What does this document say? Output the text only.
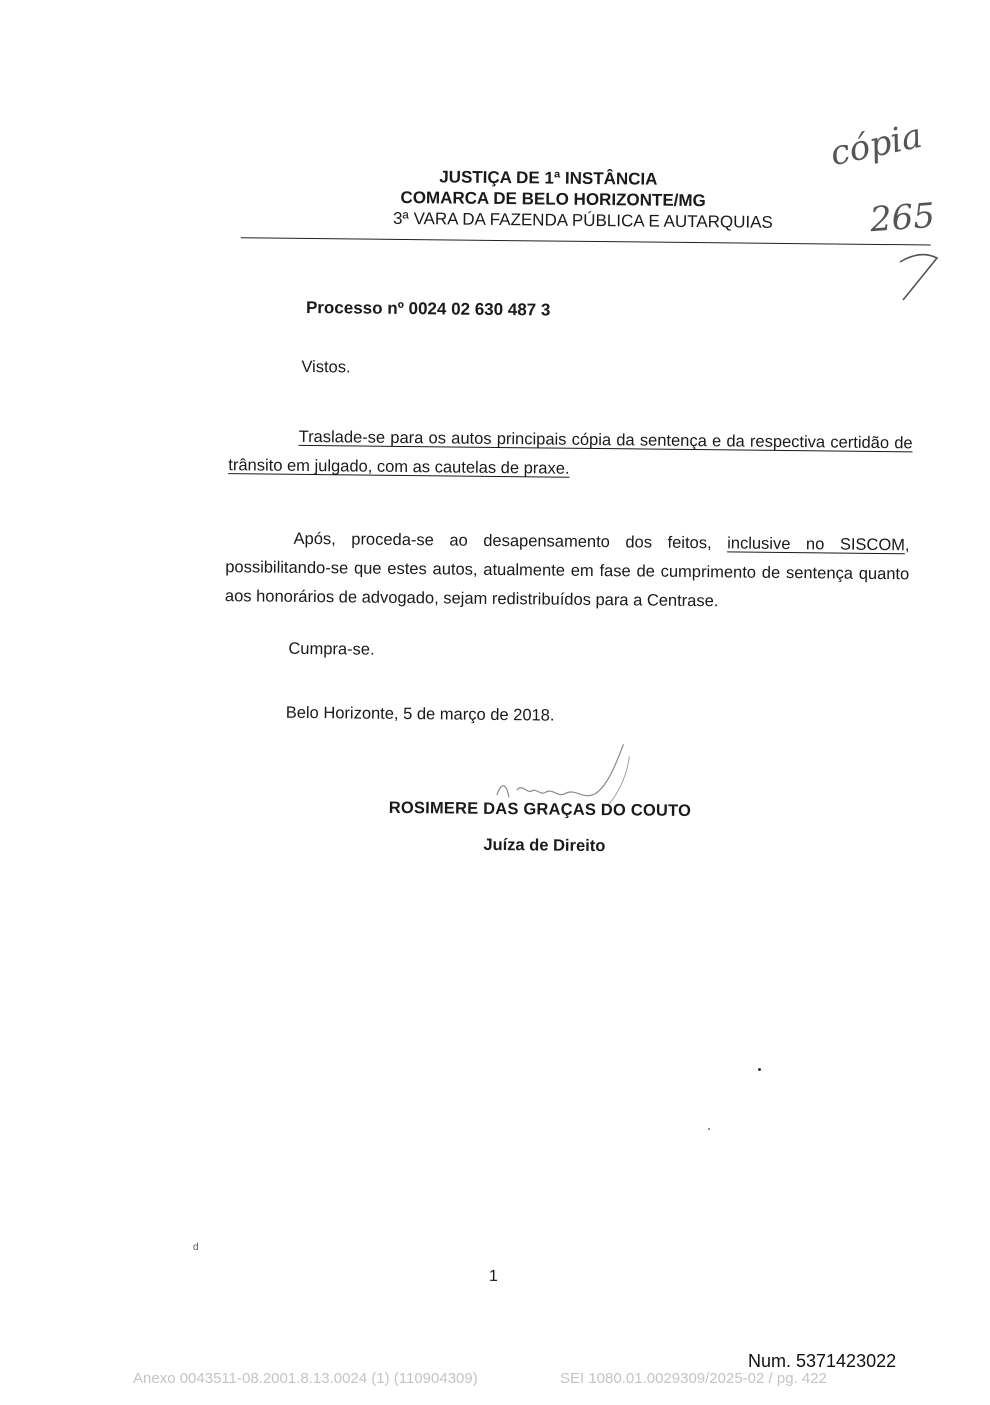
JUSTIÇA DE 1ª INSTÂNCIA
COMARCA DE BELO HORIZONTE/MG
3ª VARA DA FAZENDA PÚBLICA E AUTARQUIAS
Processo nº 0024 02 630 487 3
Vistos.
Traslade-se para os autos principais cópia da sentença e da respectiva certidão de trânsito em julgado, com as cautelas de praxe.
Após, proceda-se ao desapensamento dos feitos, inclusive no SISCOM, possibilitando-se que estes autos, atualmente em fase de cumprimento de sentença quanto aos honorários de advogado, sejam redistribuídos para a Centrase.
Cumpra-se.
Belo Horizonte, 5 de março de 2018.
ROSIMERE DAS GRAÇAS DO COUTO
Juíza de Direito
1
cópia
265
d
Num. 5371423022
Anexo 0043511-08.2001.8.13.0024 (1) (110904309)	SEI 1080.01.0029309/2025-02 / pg. 422
